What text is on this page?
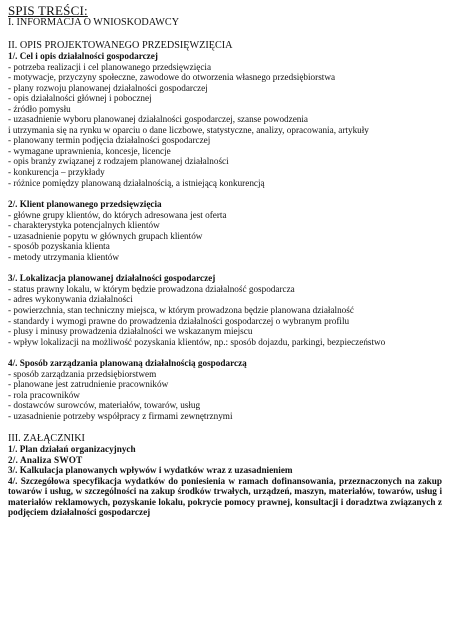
SPIS TREŚCI:
I. INFORMACJA O WNIOSKODAWCY
II. OPIS PROJEKTOWANEGO PRZEDSIĘWZIĘCIA
1/. Cel i opis działalności gospodarczej
- potrzeba realizacji i cel planowanego przedsięwzięcia
- motywacje, przyczyny społeczne, zawodowe do otworzenia własnego przedsiębiorstwa
- plany rozwoju planowanej działalności gospodarczej
- opis działalności głównej i pobocznej
- źródło pomysłu
- uzasadnienie wyboru planowanej działalności gospodarczej, szanse powodzenia
i utrzymania się na rynku w oparciu o dane liczbowe, statystyczne, analizy, opracowania, artykuły
- planowany termin podjęcia działalności gospodarczej
- wymagane uprawnienia, koncesje, licencje
- opis branży związanej z rodzajem planowanej działalności
- konkurencja – przykłady
- różnice pomiędzy planowaną działalnością, a istniejącą konkurencją
2/. Klient planowanego przedsięwzięcia
- główne grupy klientów, do których adresowana jest oferta
- charakterystyka potencjalnych klientów
- uzasadnienie popytu w głównych grupach klientów
- sposób pozyskania klienta
- metody utrzymania klientów
3/. Lokalizacja planowanej działalności gospodarczej
- status prawny lokalu, w którym będzie prowadzona działalność gospodarcza
- adres wykonywania działalności
- powierzchnia, stan techniczny miejsca, w którym prowadzona będzie planowana działalność
- standardy i wymogi prawne do prowadzenia działalności gospodarczej o wybranym profilu
- plusy i minusy prowadzenia działalności we wskazanym miejscu
- wpływ lokalizacji na możliwość pozyskania klientów, np.: sposób dojazdu, parkingi, bezpieczeństwo
4/. Sposób zarządzania planowaną działalnością gospodarczą
- sposób zarządzania przedsiębiorstwem
- planowane jest zatrudnienie pracowników
- rola pracowników
- dostawców surowców, materiałów, towarów, usług
- uzasadnienie potrzeby współpracy z firmami zewnętrznymi
III. ZAŁĄCZNIKI
1/. Plan działań organizacyjnych
2/. Analiza SWOT
3/. Kalkulacja planowanych wpływów i wydatków wraz z uzasadnieniem
4/. Szczegółowa specyfikacja wydatków do poniesienia w ramach dofinansowania, przeznaczonych na zakup towarów i usług, w szczególności na zakup środków trwałych, urządzeń, maszyn, materiałów, towarów, usług i materiałów reklamowych, pozyskanie lokalu, pokrycie pomocy prawnej, konsultacji i doradztwa związanych z podjęciem działalności gospodarczej
